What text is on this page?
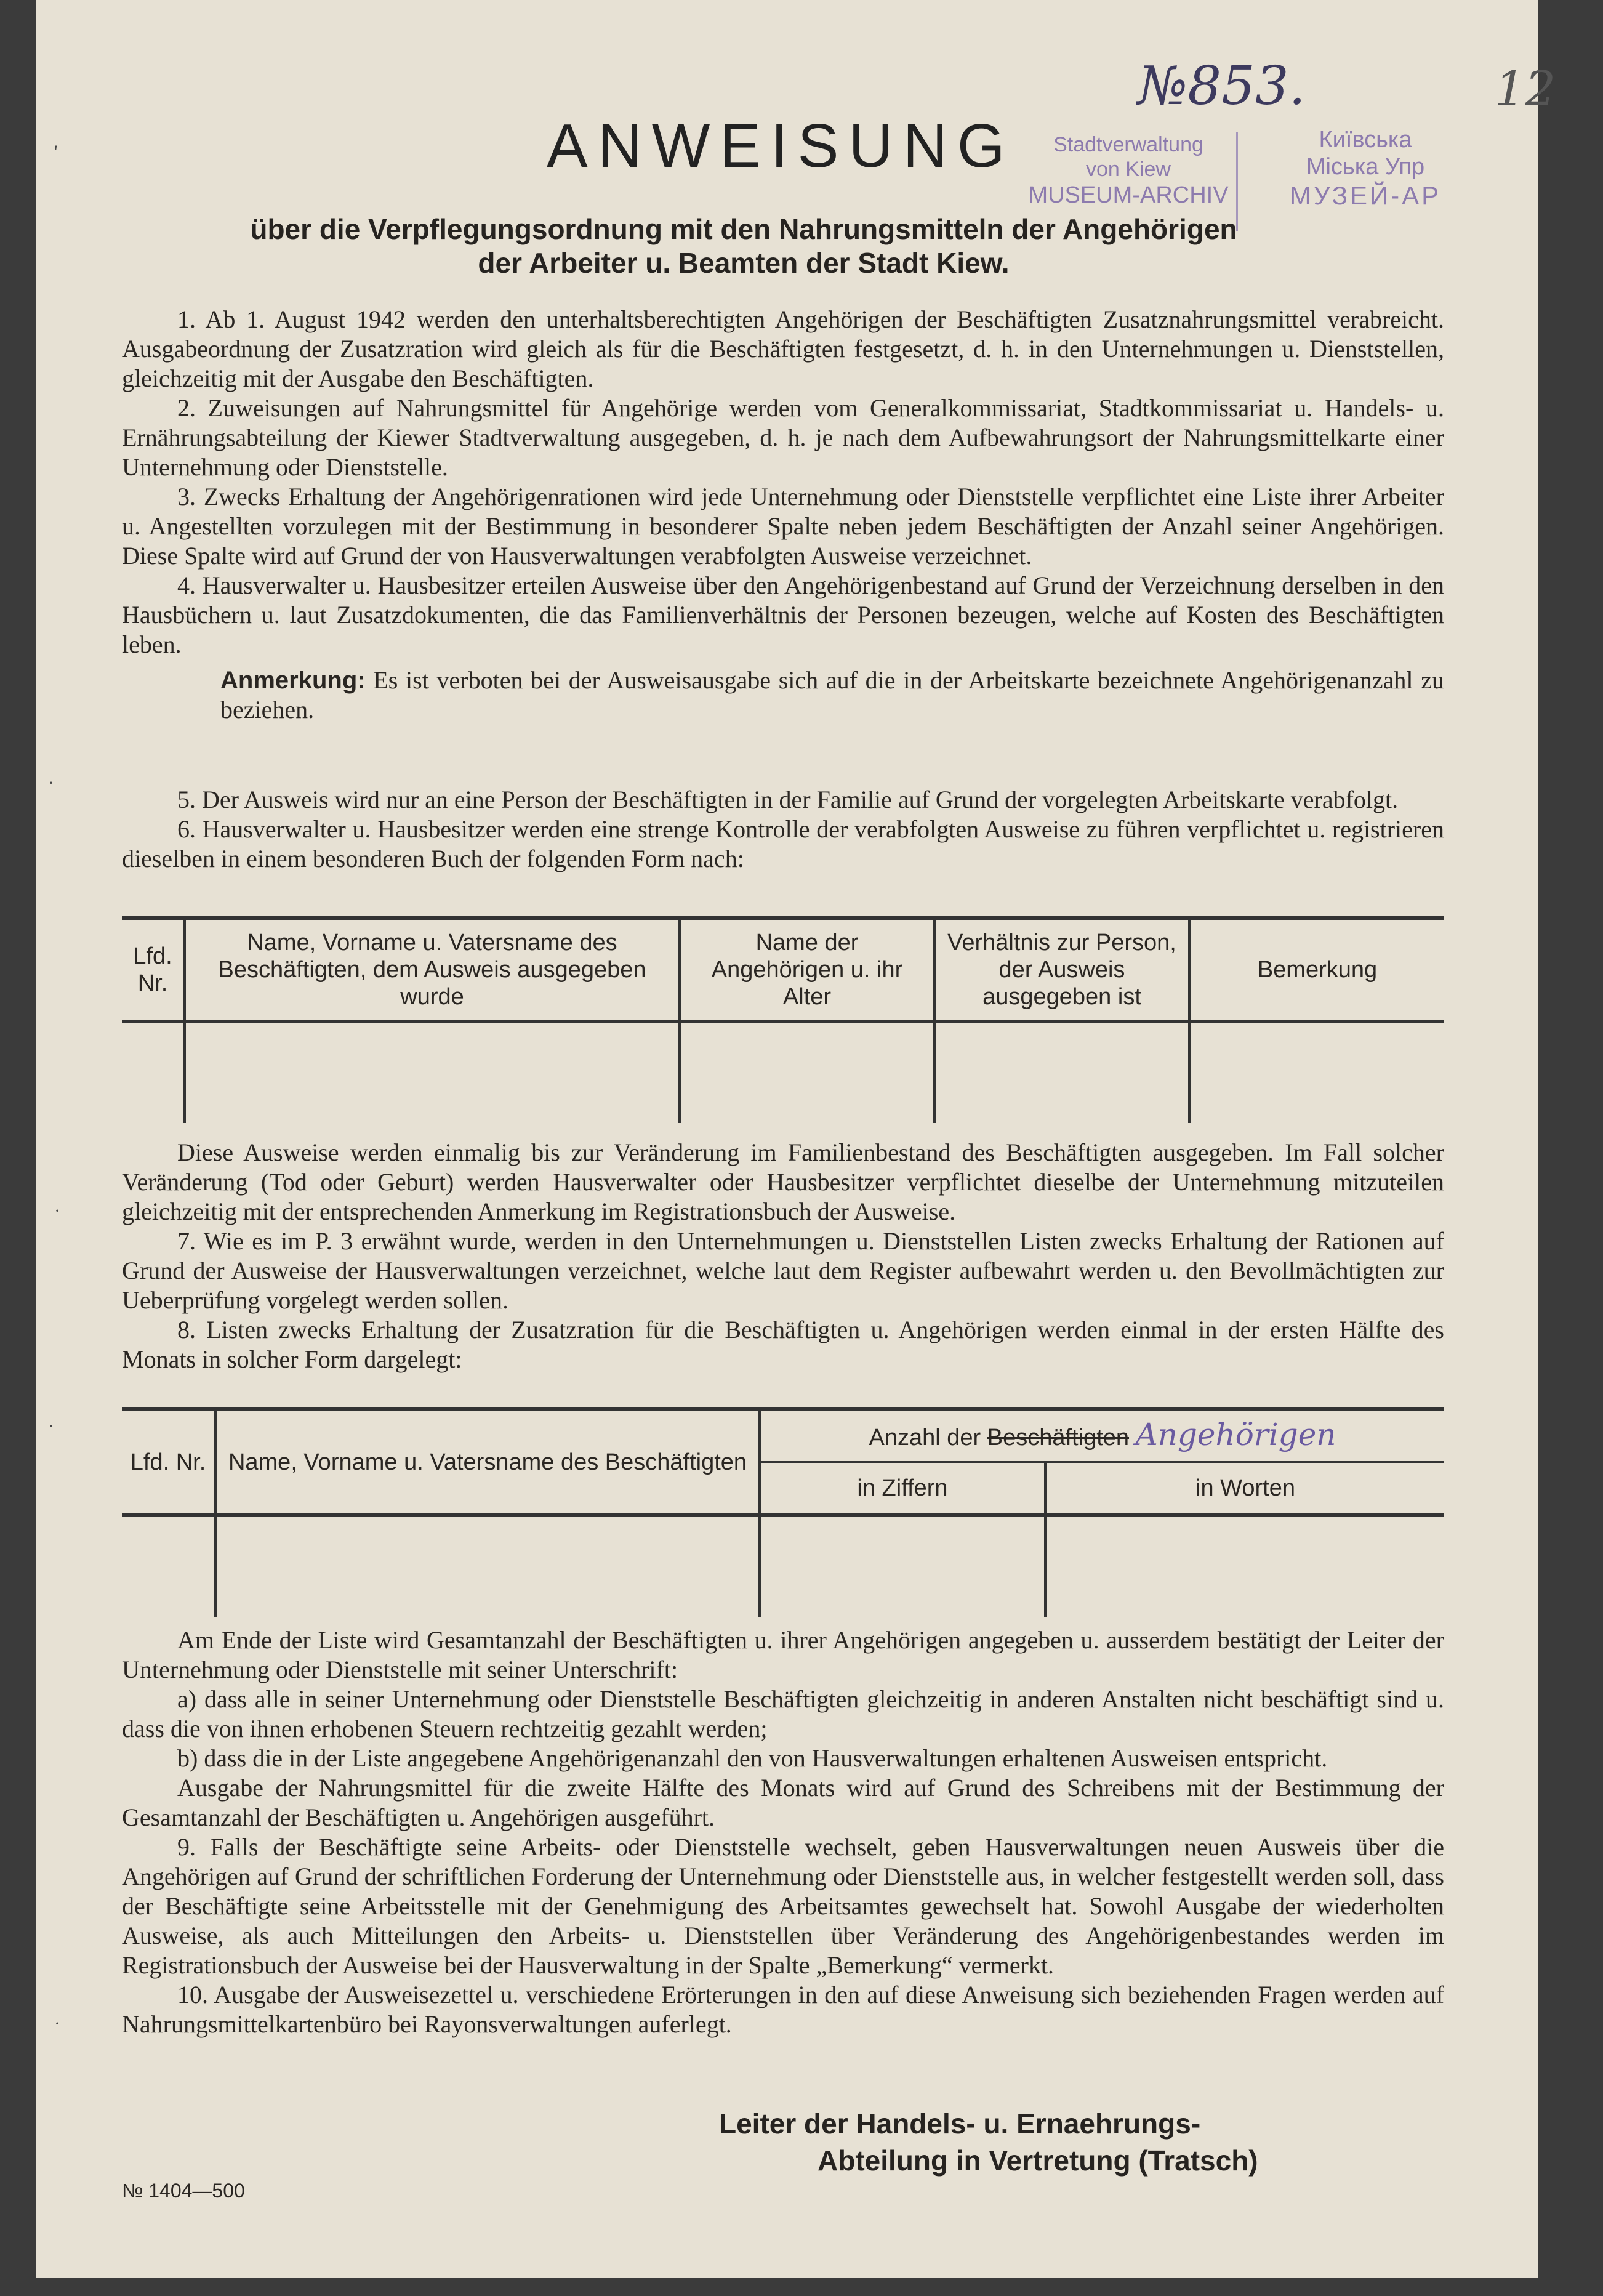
№853.	12
ANWEISUNG	Stadtverwaltung
von Kiew
MUSEUM-ARCHIV
Київська
Міська Упр
МУЗЕЙ-АР
über die Verpflegungsordnung mit den Nahrungsmitteln der Angehörigen
der Arbeiter u. Beamten der Stadt Kiew.

1. Ab 1. August 1942 werden den unterhaltsberechtigten Angehörigen der Beschäftigten Zusatznahrungsmittel verabreicht. Ausgabeordnung der Zusatzration wird gleich als für die Beschäftigten festgesetzt, d. h. in den Unternehmungen u. Dienststellen, gleichzeitig mit der Ausgabe den Beschäftigten.

2. Zuweisungen auf Nahrungsmittel für Angehörige werden vom Generalkommissariat, Stadtkommissariat u. Handels- u. Ernährungsabteilung der Kiewer Stadtverwaltung ausgegeben, d. h. je nach dem Aufbewahrungsort der Nahrungsmittelkarte einer Unternehmung oder Dienststelle.

3. Zwecks Erhaltung der Angehörigenrationen wird jede Unternehmung oder Dienststelle verpflichtet eine Liste ihrer Arbeiter u. Angestellten vorzulegen mit der Bestimmung in besonderer Spalte neben jedem Beschäftigten der Anzahl seiner Angehörigen. Diese Spalte wird auf Grund der von Hausverwaltungen verabfolgten Ausweise verzeichnet.

4. Hausverwalter u. Hausbesitzer erteilen Ausweise über den Angehörigenbestand auf Grund der Verzeichnung derselben in den Hausbüchern u. laut Zusatzdokumenten, die das Familienverhältnis der Personen bezeugen, welche auf Kosten des Beschäftigten leben.

Anmerkung: Es ist verboten bei der Ausweisausgabe sich auf die in der Arbeitskarte bezeichnete Angehörigenanzahl zu beziehen.

5. Der Ausweis wird nur an eine Person der Beschäftigten in der Familie auf Grund der vorgelegten Arbeitskarte verabfolgt.

6. Hausverwalter u. Hausbesitzer werden eine strenge Kontrolle der verabfolgten Ausweise zu führen verpflichtet u. registrieren dieselben in einem besonderen Buch der folgenden Form nach:

Lfd. Nr.	Name, Vorname u. Vatersname des Beschäftigten, dem Ausweis ausgegeben wurde	Name der Angehörigen u. ihr Alter	Verhältnis zur Person, der Ausweis ausgegeben ist	Bemerkung

Diese Ausweise werden einmalig bis zur Veränderung im Familienbestand des Beschäftigten ausgegeben. Im Fall solcher Veränderung (Tod oder Geburt) werden Hausverwalter oder Hausbesitzer verpflichtet dieselbe der Unternehmung mitzuteilen gleichzeitig mit der entsprechenden Anmerkung im Registrationsbuch der Ausweise.

7. Wie es im P. 3 erwähnt wurde, werden in den Unternehmungen u. Dienststellen Listen zwecks Erhaltung der Rationen auf Grund der Ausweise der Hausverwaltungen verzeichnet, welche laut dem Register aufbewahrt werden u. den Bevollmächtigten zur Ueberprüfung vorgelegt werden sollen.

8. Listen zwecks Erhaltung der Zusatzration für die Beschäftigten u. Angehörigen werden einmal in der ersten Hälfte des Monats in solcher Form dargelegt:

Lfd. Nr.	Name, Vorname u. Vatersname des Beschäftigten	Anzahl der Beschäftigten Angehörigen	
		in Ziffern	in Worten

Am Ende der Liste wird Gesamtanzahl der Beschäftigten u. ihrer Angehörigen angegeben u. ausserdem bestätigt der Leiter der Unternehmung oder Dienststelle mit seiner Unterschrift:

a) dass alle in seiner Unternehmung oder Dienststelle Beschäftigten gleichzeitig in anderen Anstalten nicht beschäftigt sind u. dass die von ihnen erhobenen Steuern rechtzeitig gezahlt werden;

b) dass die in der Liste angegebene Angehörigenanzahl den von Hausverwaltungen erhaltenen Ausweisen entspricht.

Ausgabe der Nahrungsmittel für die zweite Hälfte des Monats wird auf Grund des Schreibens mit der Bestimmung der Gesamtanzahl der Beschäftigten u. Angehörigen ausgeführt.

9. Falls der Beschäftigte seine Arbeits- oder Dienststelle wechselt, geben Hausverwaltungen neuen Ausweis über die Angehörigen auf Grund der schriftlichen Forderung der Unternehmung oder Dienststelle aus, in welcher festgestellt werden soll, dass der Beschäftigte seine Arbeitsstelle mit der Genehmigung des Arbeitsamtes gewechselt hat. Sowohl Ausgabe der wiederholten Ausweise, als auch Mitteilungen den Arbeits- u. Dienststellen über Veränderung des Angehörigenbestandes werden im Registrationsbuch der Ausweise bei der Hausverwaltung in der Spalte „Bemerkung“ vermerkt.

10. Ausgabe der Ausweisezettel u. verschiedene Erörterungen in den auf diese Anweisung sich beziehenden Fragen werden auf Nahrungsmittelkartenbüro bei Rayonsverwaltungen auferlegt.

Leiter der Handels- u. Ernaehrungs-
Abteilung in Vertretung (Tratsch)
№ 1404—500
'
·
·
·
·
